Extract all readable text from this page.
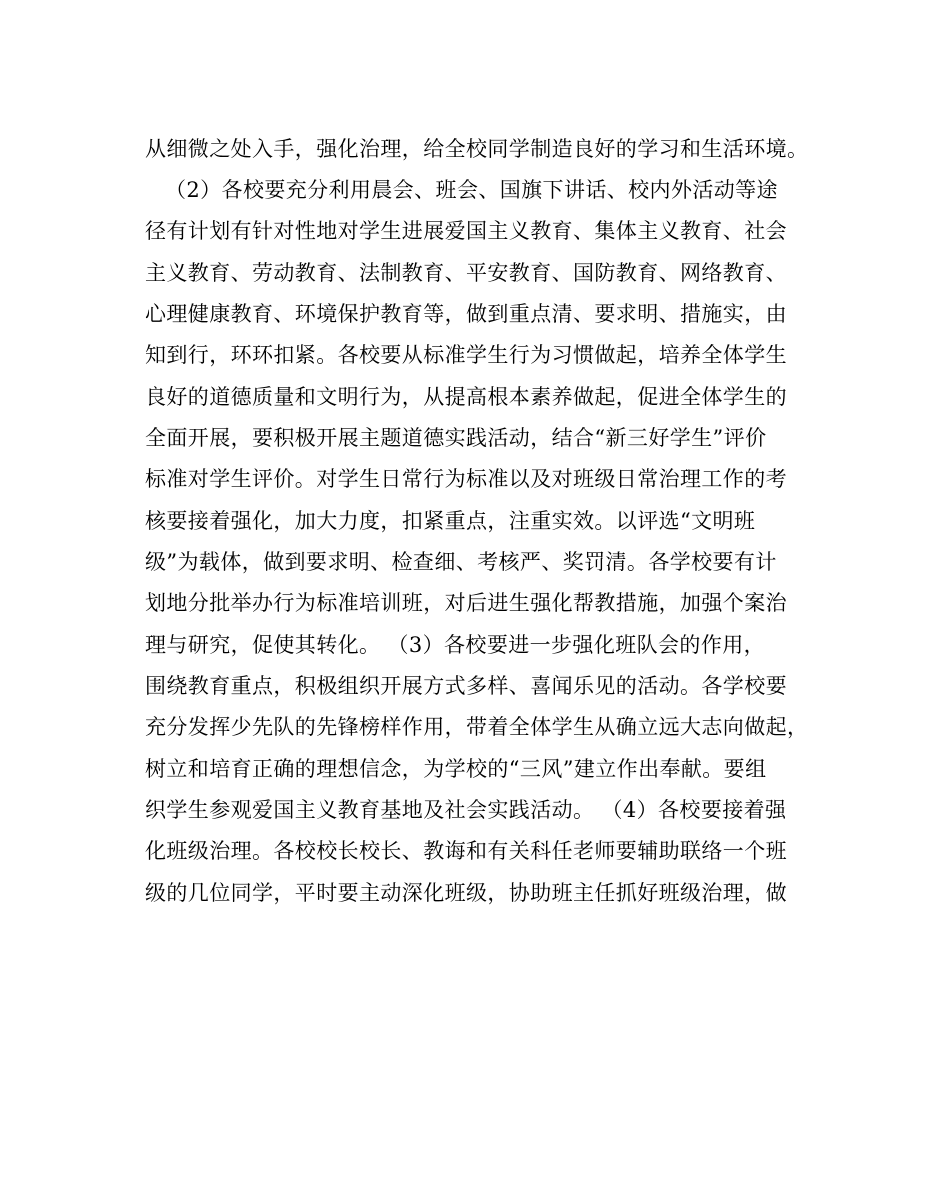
从细微之处入手，强化治理，给全校同学制造良好的学习和生活环境。
（2）各校要充分利用晨会、班会、国旗下讲话、校内外活动等途
径有计划有针对性地对学生进展爱国主义教育、集体主义教育、社会
主义教育、劳动教育、法制教育、平安教育、国防教育、网络教育、
心理健康教育、环境保护教育等，做到重点清、要求明、措施实，由
知到行，环环扣紧。各校要从标准学生行为习惯做起，培养全体学生
良好的道德质量和文明行为，从提高根本素养做起，促进全体学生的
全面开展，要积极开展主题道德实践活动，结合“新三好学生”评价
标准对学生评价。对学生日常行为标准以及对班级日常治理工作的考
核要接着强化，加大力度，扣紧重点，注重实效。以评选“文明班
级”为载体，做到要求明、检查细、考核严、奖罚清。各学校要有计
划地分批举办行为标准培训班，对后进生强化帮教措施，加强个案治
理与研究，促使其转化。 （3）各校要进一步强化班队会的作用，
围绕教育重点，积极组织开展方式多样、喜闻乐见的活动。各学校要
充分发挥少先队的先锋榜样作用，带着全体学生从确立远大志向做起，
树立和培育正确的理想信念，为学校的“三风”建立作出奉献。要组
织学生参观爱国主义教育基地及社会实践活动。 （4）各校要接着强
化班级治理。各校校长校长、教诲和有关科任老师要辅助联络一个班
级的几位同学，平时要主动深化班级，协助班主任抓好班级治理，做
